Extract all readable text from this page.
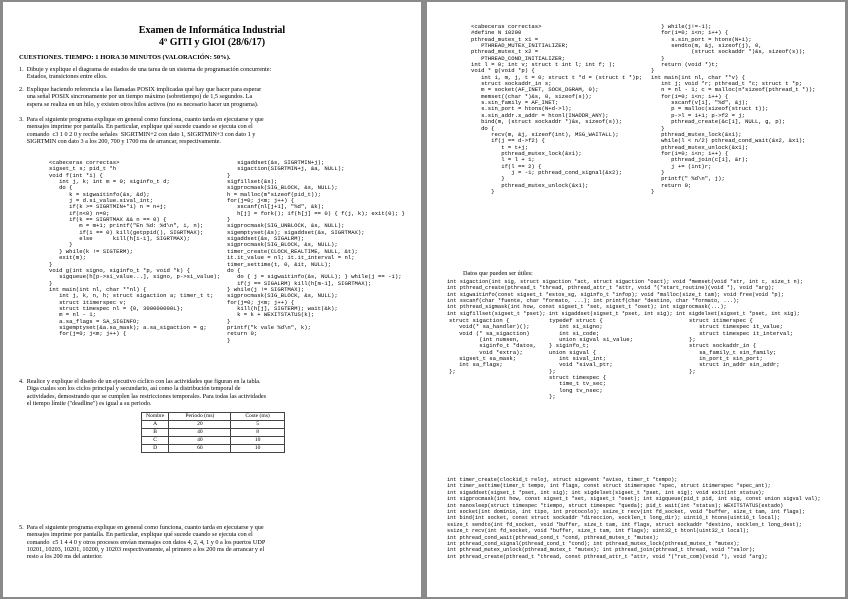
Examen de Informática Industrial
4º GITI y GIOI (28/6/17)
CUESTIONES. TIEMPO: 1 HORA 30 MINUTOS (VALORACIÓN: 50%).
1.  Dibuje y explique el diagrama de estados de una tarea de un sistema de programación concurrente:
Estados, transiciones entre ellos.
2.  Explique haciendo referencia a las llamadas POSIX implicadas qué hay que hacer para esperar
una señal POSIX sincronamente por un tiempo máximo (sobretiempo) de 1,5 segundos. La
espera se realiza en un hilo, y existen otros hilos activos (no es necesario hacer un programa).
3.  Para el siguiente programa explique en general como funciona, cuanto tarda en ejecutarse y que
mensajes imprime por pantalla. En particular, explique qué sucede cuando se ejecuta con el
comando  c3 1 0 2 0 y recibe señales  SIGRTMIN+2 con dato 1, SIGRTMIN+3 con dato 1 y
SIGRTMIN con dato 3 a los 200, 700 y 1700 ms de arrancar, respectivamente.
<cabeceras correctas>
sigset_t s; pid_t *h
void f(int *i) {
int j, k; int m = 0; siginfo_t d;
do {
k = sigwaitinfo(&s, &d);
j = d.si_value.sival_int;
if(k >= SIGRTMIN+*i) n = n+j;
if(n<0) n=0;
if(k == SIGRTMAX && n == 0) {
m = m+1; printf("En %d: %d\n", i, n);
if(i == 0) kill(getppid(), SIGRTMAX);
else      kill(h[i-1], SIGRTMAX);
}
} while(k != SIGTERM);
exit(m);
}
void g(int signo, siginfo_t *p, void *k) {
sigqueue(h[p->si_value...], signo, p->si_value);
}
int main(int nl, char **nl) {
int j, k, n, h; struct sigaction a; timer_t t;
struct itimerspec v;
struct timespec nl = {0, 300000000L};
m = nl - 1;
a.sa_flags = SA_SIGINFO;
sigemptyset(&a.sa_mask); a.sa_sigaction = g;
for(j=0; j<m; j++) {
sigaddset(&s, SIGRTMIN+j);
sigaction(SIGRTMIN+j, &a, NULL);
}
sigfillset(&s);
sigprocmask(SIG_BLOCK, &s, NULL);
h = malloc(m*sizeof(pid_t));
for(j=0; j<m; j++) {
sscanf(nl[j+1], "%d", &k);
h[j] = fork(); if(h[j] == 0) { f(j, k); exit(0); }
}
sigprocmask(SIG_UNBLOCK, &s, NULL);
sigemptyset(&s); sigaddset(&s, SIGRTMAX);
sigaddset(&s, SIGALRM);
sigprocmask(SIG_BLOCK, &s, NULL);
timer_create(CLOCK_REALTIME, NULL, &t);
it.it_value = nl; it.it_interval = nl;
timer_settime(t, 0, &it, NULL);
do {
do { j = sigwaitinfo(&s, NULL); } while(j == -1);
if(j == SIGALRM) kill(h[m-1], SIGRTMAX);
} while(j != SIGRTMAX);
sigprocmask(SIG_BLOCK, &s, NULL);
for(j=0; j<m; j++) {
kill(h[j], SIGTERM); wait(&k);
k = k + WEXITSTATUS(k);
}
printf("k vale %d\n", k);
return 0;
}
4.  Realice y explique el diseño de un ejecutivo cíclico con las actividades que figuran en la tabla.
Diga cuales son los ciclos principal y secundario, así como la distribución temporal de
actividades, demostrando que se cumplen las restricciones temporales. Para todas las actividades
el tiempo límite ("deadline") es igual a su periodo.
Nombre	Periodo (ms)	Coste (ms)
A	20	5
B	40	8
C	40	10
D	60	10
5.  Para el siguiente programa explique en general como funciona, cuanto tarda en ejecutarse y que
mensajes imprime por pantalla. En particular, explique qué sucede cuando se ejecuta con el
comando  c5 1 4 4 0 y otros procesos envían mensajes con datos 4, 2, 4, 1 y 0 a los puertos UDP
10201, 10203, 10201, 10200, y 10203 respectivamente, al primero a los 200 ms de arrancar y el
resto a los 200 ms del anterior.
<cabeceras correctas>
#define N 10200
pthread_mutex_t x1 =
PTHREAD_MUTEX_INITIALIZER;
pthread_mutex_t x2 =
PTHREAD_COND_INITIALIZER;
int l = 0; int v; struct t int l; int f; );
void * g(void *p) {
int i, m, j, t = 0; struct t *d = (struct t *)p;
struct sockaddr_in s;
m = socket(AF_INET, SOCK_DGRAM, 0);
memset((char *)&s, 0, sizeof(s));
s.sin_family = AF_INET;
s.sin_port = htons(N+d->l);
s.sin_addr.s_addr = htonl(INADDR_ANY);
bind(m, (struct sockaddr *)&s, sizeof(s));
do {
recv(m, &j, sizeof(int), MSG_WAITALL);
if(j == d->f2) {
t = t+j;
pthread_mutex_lock(&x1);
l = l + 1;
if(l == 2) {
j = -1; pthread_cond_signal(&x2);
}
pthread_mutex_unlock(&x1);
}
} while(j!=-1);
for(i=0; i<n; i++) {
s.sin_port = htons(N+i);
sendto(m, &j, sizeof(j), 0,
(struct sockaddr *)&s, sizeof(s));
}
return (void *)t;
}
int main(int nl, char **v) {
int j; void *r; pthread_t *c; struct t *p;
n = nl - 1; c = malloc(n*sizeof(pthread_t *));
for(i=0; i<n; i++) {
sscanf(v[i], "%d", &j);
p = malloc(sizeof(struct t));
p->l = i+1; p->f2 = j;
pthread_create(&c[i], NULL, g, p);
}
pthread_mutex_lock(&x1);
while(l < n/2) pthread_cond_wait(&x2, &x1);
pthread_mutex_unlock(&x1);
for(i=0; i<n; i++) {
pthread_join(c[i], &r);
j += (int)r;
}
printf(" %d\n", j);
return 0;
}
Datos que pueden ser útiles:
int sigaction(int sig, struct sigaction *act, struct sigaction *oact); void *memset(void *str, int c, size_t n);
int pthread_create(pthread_t *thread, pthread_attr_t *attr, void *(*start_routine)(void *), void *arg);
int sigwaitinfo(const sigset_t *estos_sg, siginfo_t *infop); void *malloc(size_t tam); void free(void *p);
int sscanf(char *fuente, char *formato, ...); int printf(char *destino, char *formato, ...);
int pthread_sigmask(int how, const sigset_t *set, sigset_t *oset); int sigprocmask(...);
int sigfillset(sigset_t *pset); int sigaddset(sigset_t *pset, int sig); int sigdelset(sigset_t *pset, int sig);
struct sigaction {
void(* sa_handler)();
void (* sa_sigaction)
(int numsen,
siginfo_t *datos,
void *extra);
sigset_t sa_mask;
int sa_flags;
};
typedef struct {
int si_signo;
int si_code;
union sigval si_value;
} siginfo_t;
union sigval {
int sival_int;
void *sival_ptr;
};
struct timespec {
time_t tv_sec;
long tv_nsec;
};
struct itimerspec {
struct timespec it_value;
struct timespec it_interval;
};
struct sockaddr_in {
sa_family_t sin_family;
in_port_t sin_port;
struct in_addr sin_addr;
};
int timer_create(clockid_t reloj, struct sigevent *aviso, timer_t *tempo);
int timer_settime(timer_t tempo, int flags, const struct itimerspec *spec, struct itimerspec *spec_ant);
int sigaddset(sigset_t *pset, int sig); int sigdelset(sigset_t *pset, int sig); void exit(int status);
int sigprocmask(int how, const sigset_t *set, sigset_t *oset); int sigqueue(pid_t pid, int sig, const union sigval val);
int nanosleep(struct timespec *tiempo, struct timespec *queda); pid_t wait(int *status); WEXITSTATUS(estado)
int socket(int dominio, int tipo, int protocolo); ssize_t recv(int fd_socket, void *buffer, size_t tam, int flags);
int bind(int socket, const struct sockaddr *direccion, socklen_t long_dir); uint16_t htons(uint16_t local);
ssize_t sendto(int fd_socket, void *buffer, size_t tam, int flags, struct sockaddr *destino, socklen_t long_dest);
ssize_t recv(int fd_socket, void *buffer, size_t tam, int flags); uint32_t htonl(uint32_t local);
int pthread_cond_wait(pthread_cond_t *cond, pthread_mutex_t *mutex);
int pthread_cond_signal(pthread_cond_t *cond); int pthread_mutex_lock(pthread_mutex_t *mutex);
int pthread_mutex_unlock(pthread_mutex_t *mutex); int pthread_join(pthread_t thread, void **valor);
int pthread_create(pthread_t *thread, const pthread_attr_t *attr, void *(*rut_com)(void *), void *arg);
